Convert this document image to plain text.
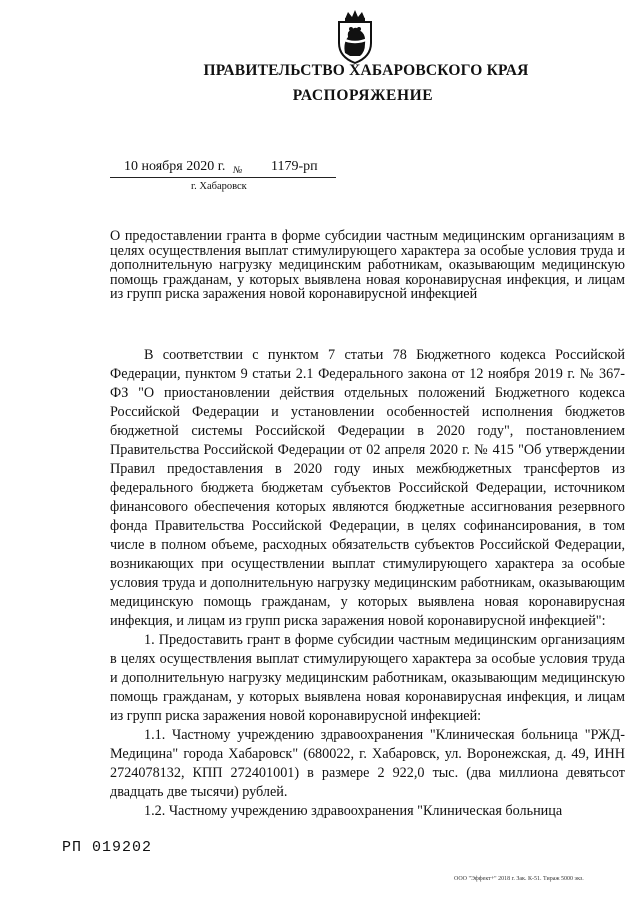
ПРАВИТЕЛЬСТВО ХАБАРОВСКОГО КРАЯ
РАСПОРЯЖЕНИЕ
10 ноября 2020 г. № 1179-рп
г. Хабаровск
О предоставлении гранта в форме субсидии частным медицинским организациям в целях осуществления выплат стимулирующего характера за особые условия труда и дополнительную нагрузку медицинским работникам, оказывающим медицинскую помощь гражданам, у которых выявлена новая коронавирусная инфекция, и лицам из групп риска заражения новой коронавирусной инфекцией

В соответствии с пунктом 7 статьи 78 Бюджетного кодекса Российской Федерации, пунктом 9 статьи 2.1 Федерального закона от 12 ноября 2019 г. № 367-ФЗ "О приостановлении действия отдельных положений Бюджетного кодекса Российской Федерации и установлении особенностей исполнения бюджетов бюджетной системы Российской Федерации в 2020 году", постановлением Правительства Российской Федерации от 02 апреля 2020 г. № 415 "Об утверждении Правил предоставления в 2020 году иных межбюджетных трансфертов из федерального бюджета бюджетам субъектов Российской Федерации, источником финансового обеспечения которых являются бюджетные ассигнования резервного фонда Правительства Российской Федерации, в целях софинансирования, в том числе в полном объеме, расходных обязательств субъектов Российской Федерации, возникающих при осуществлении выплат стимулирующего характера за особые условия труда и дополнительную нагрузку медицинским работникам, оказывающим медицинскую помощь гражданам, у которых выявлена новая коронавирусная инфекция, и лицам из групп риска заражения новой коронавирусной инфекцией":

1. Предоставить грант в форме субсидии частным медицинским организациям в целях осуществления выплат стимулирующего характера за особые условия труда и дополнительную нагрузку медицинским работникам, оказывающим медицинскую помощь гражданам, у которых выявлена новая коронавирусная инфекция, и лицам из групп риска заражения новой коронавирусной инфекцией:

1.1. Частному учреждению здравоохранения "Клиническая больница "РЖД-Медицина" города Хабаровск" (680022, г. Хабаровск, ул. Воронежская, д. 49, ИНН 2724078132, КПП 272401001) в размере 2 922,0 тыс. (два миллиона девятьсот двадцать две тысячи) рублей.

1.2. Частному учреждению здравоохранения "Клиническая больница

РП 019202
ООО "Эффект+" 2018 г. Зак. К-51. Тираж 5000 экз.
